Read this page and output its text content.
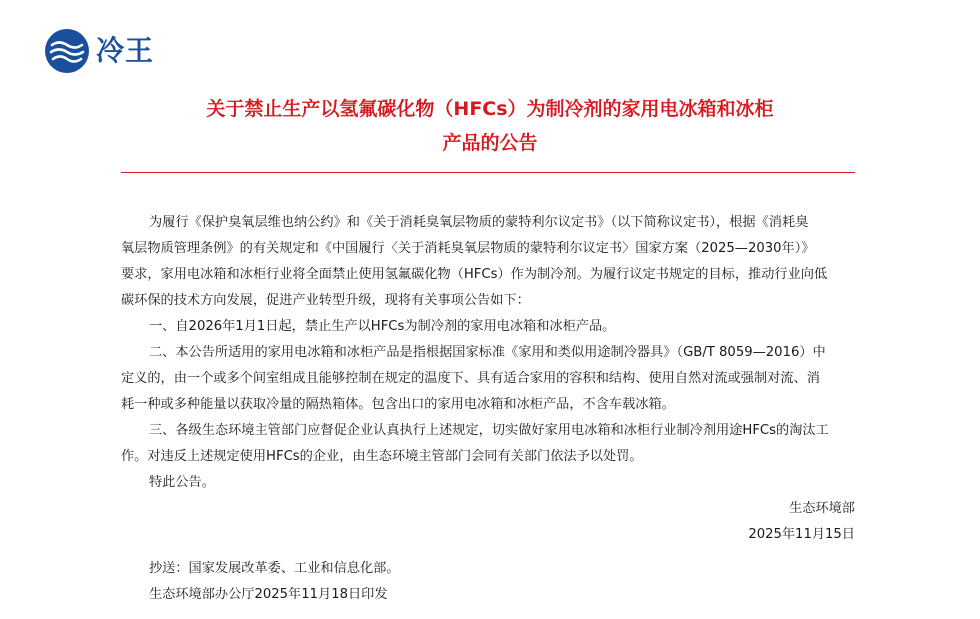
冷王
关于禁止生产以氢氟碳化物（HFCs）为制冷剂的家用电冰箱和冰柜
产品的公告
为履行《保护臭氧层维也纳公约》和《关于消耗臭氧层物质的蒙特利尔议定书》（以下简称议定书），根据《消耗臭
氧层物质管理条例》的有关规定和《中国履行〈关于消耗臭氧层物质的蒙特利尔议定书〉国家方案（2025—2030年）》
要求，家用电冰箱和冰柜行业将全面禁止使用氢氟碳化物（HFCs）作为制冷剂。为履行议定书规定的目标，推动行业向低
碳环保的技术方向发展，促进产业转型升级，现将有关事项公告如下：
一、自2026年1月1日起，禁止生产以HFCs为制冷剂的家用电冰箱和冰柜产品。
二、本公告所适用的家用电冰箱和冰柜产品是指根据国家标准《家用和类似用途制冷器具》（GB/T 8059—2016）中
定义的，由一个或多个间室组成且能够控制在规定的温度下、具有适合家用的容积和结构、使用自然对流或强制对流、消
耗一种或多种能量以获取冷量的隔热箱体。包含出口的家用电冰箱和冰柜产品，不含车载冰箱。
三、各级生态环境主管部门应督促企业认真执行上述规定，切实做好家用电冰箱和冰柜行业制冷剂用途HFCs的淘汰工
作。对违反上述规定使用HFCs的企业，由生态环境主管部门会同有关部门依法予以处罚。
特此公告。
生态环境部
2025年11月15日
抄送：国家发展改革委、工业和信息化部。
生态环境部办公厅2025年11月18日印发
